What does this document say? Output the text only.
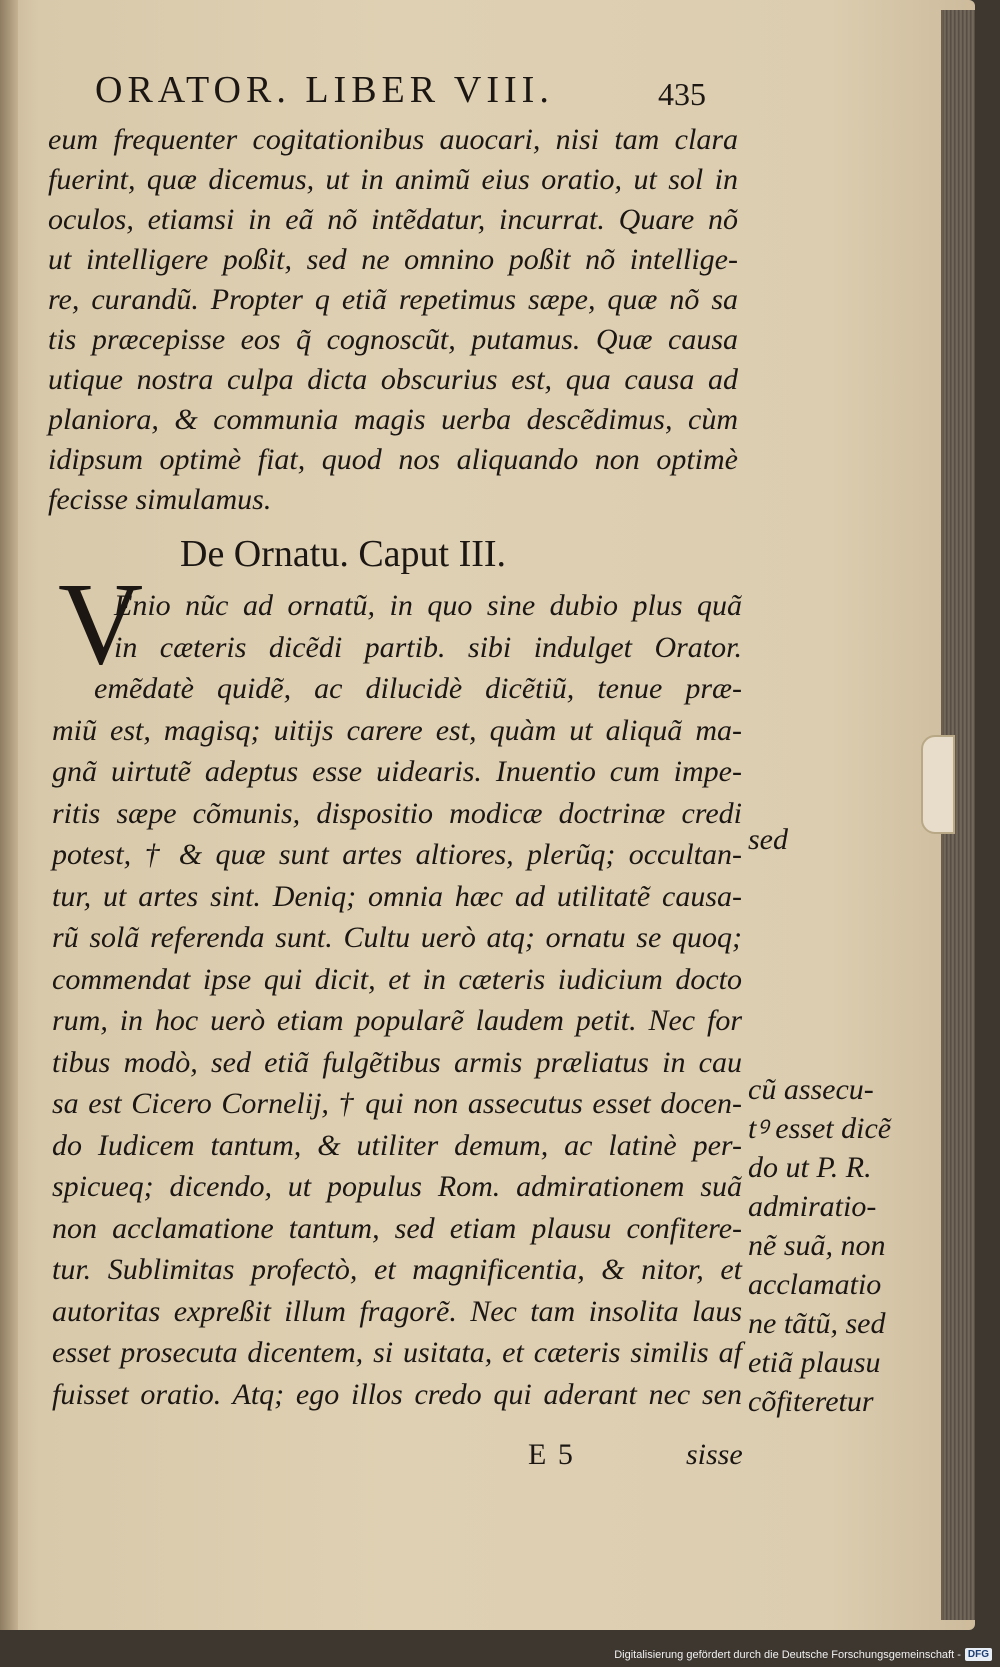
ORATOR. LIBER VIII.	435
eum frequenter cogitationibus auocari, nisi tam clara
fuerint, quæ dicemus, ut in animũ eius oratio, ut sol in
oculos, etiamsi in eã nõ intẽdatur, incurrat. Quare nõ
ut intelligere poßit, sed ne omnino poßit nõ intellige-
re, curandũ. Propter q etiã repetimus sæpe, quæ nõ sa
tis præcepisse eos q̃ cognoscũt, putamus. Quæ causa
utique nostra culpa dicta obscurius est, qua causa ad
planiora, & communia magis uerba descẽdimus, cùm
idipsum optimè fiat, quod nos aliquando non optimè
fecisse simulamus.
De Ornatu. Caput III.
V
Enio nũc ad ornatũ, in quo sine dubio plus quã
in cæteris dicẽdi partib. sibi indulget Orator.
emẽdatè quidẽ, ac dilucidè dicẽtiũ, tenue præ-
miũ est, magisq; uitijs carere est, quàm ut aliquã ma-
gnã uirtutẽ adeptus esse uidearis. Inuentio cum impe-
ritis sæpe cõmunis, dispositio modicæ doctrinæ credi
potest, † & quæ sunt artes altiores, plerũq; occultan-
tur, ut artes sint. Deniq; omnia hæc ad utilitatẽ causa-
rũ solã referenda sunt. Cultu uerò atq; ornatu se quoq;
commendat ipse qui dicit, et in cæteris iudicium docto
rum, in hoc uerò etiam popularẽ laudem petit. Nec for
tibus modò, sed etiã fulgẽtibus armis præliatus in cau
sa est Cicero Cornelij, † qui non assecutus esset docen-
do Iudicem tantum, & utiliter demum, ac latinè per-
spicueq; dicendo, ut populus Rom. admirationem suã
non acclamatione tantum, sed etiam plausu confitere-
tur. Sublimitas profectò, et magnificentia, & nitor, et
autoritas expreßit illum fragorẽ. Nec tam insolita laus
esset prosecuta dicentem, si usitata, et cæteris similis af
fuisset oratio. Atq; ego illos credo qui aderant nec sen
sed
cũ assecu-
tꝰ esset dicẽ
do ut P. R.
admiratio-
nẽ suã, non
acclamatio
ne tãtũ, sed
etiã plausu
cõfiteretur
E 5	sisse
Digitalisierung gefördert durch die Deutsche Forschungsgemeinschaft - DFG
